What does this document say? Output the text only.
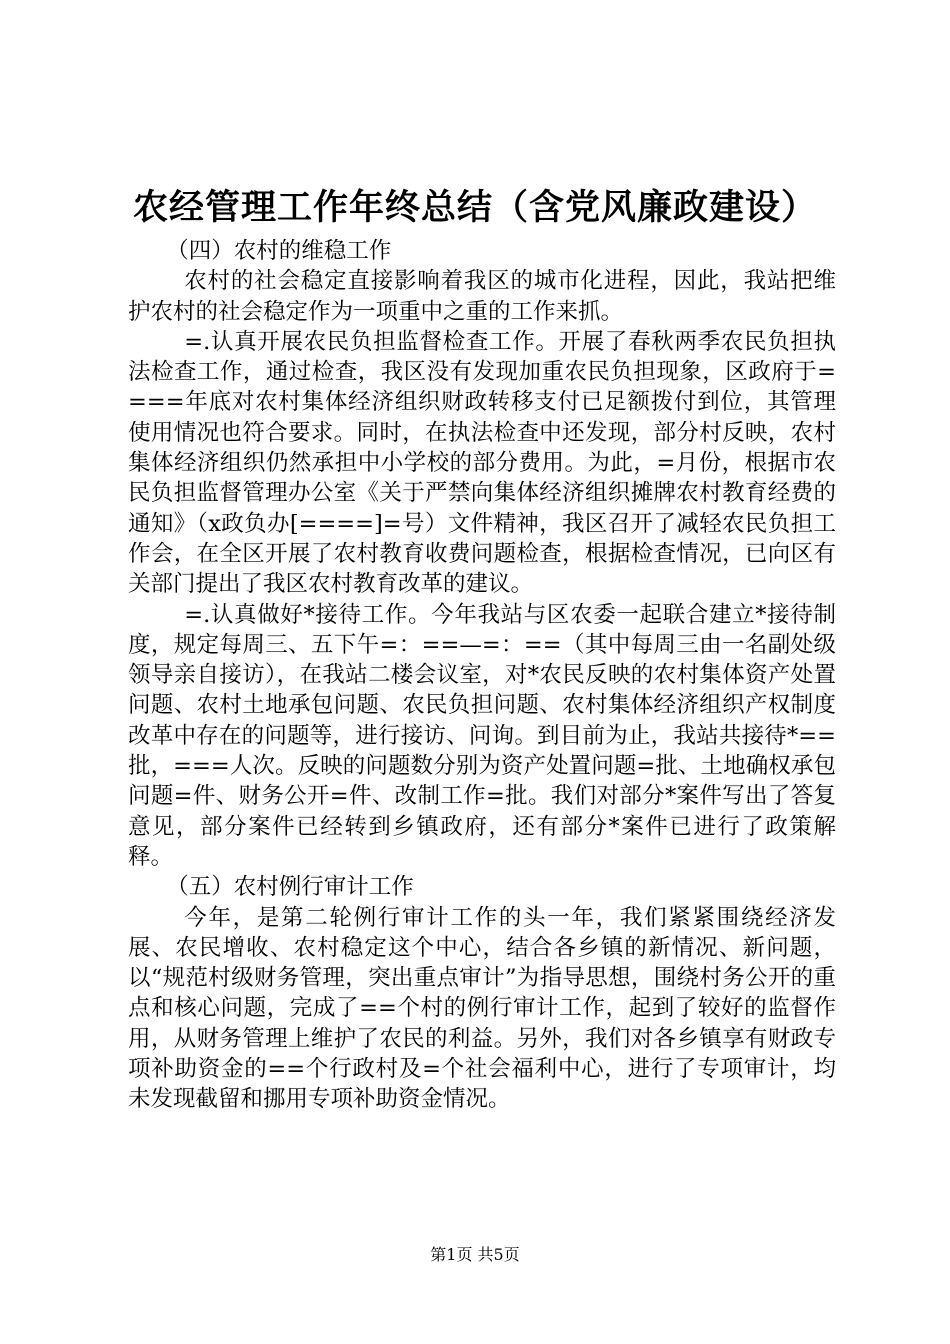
农经管理工作年终总结（含党风廉政建设）

（四）农村的维稳工作

农村的社会稳定直接影响着我区的城市化进程，因此，我站把维护农村的社会稳定作为一项重中之重的工作来抓。

=.认真开展农民负担监督检查工作。开展了春秋两季农民负担执法检查工作，通过检查，我区没有发现加重农民负担现象，区政府于====年底对农村集体经济组织财政转移支付已足额拨付到位，其管理使用情况也符合要求。同时，在执法检查中还发现，部分村反映，农村集体经济组织仍然承担中小学校的部分费用。为此，=月份，根据市农民负担监督管理办公室《关于严禁向集体经济组织摊牌农村教育经费的通知》（x政负办[====]=号）文件精神，我区召开了减轻农民负担工作会，在全区开展了农村教育收费问题检查，根据检查情况，已向区有关部门提出了我区农村教育改革的建议。

=.认真做好*接待工作。今年我站与区农委一起联合建立*接待制度，规定每周三、五下午=：==—=：==（其中每周三由一名副处级领导亲自接访），在我站二楼会议室，对*农民反映的农村集体资产处置问题、农村土地承包问题、农民负担问题、农村集体经济组织产权制度改革中存在的问题等，进行接访、问询。到目前为止，我站共接待*==批，===人次。反映的问题数分别为资产处置问题=批、土地确权承包问题=件、财务公开=件、改制工作=批。我们对部分*案件写出了答复意见，部分案件已经转到乡镇政府，还有部分*案件已进行了政策解释。

（五）农村例行审计工作

今年，是第二轮例行审计工作的头一年，我们紧紧围绕经济发展、农民增收、农村稳定这个中心，结合各乡镇的新情况、新问题，以“规范村级财务管理，突出重点审计”为指导思想，围绕村务公开的重点和核心问题，完成了==个村的例行审计工作，起到了较好的监督作用，从财务管理上维护了农民的利益。另外，我们对各乡镇享有财政专项补助资金的==个行政村及=个社会福利中心，进行了专项审计，均未发现截留和挪用专项补助资金情况。

第1页 共5页
